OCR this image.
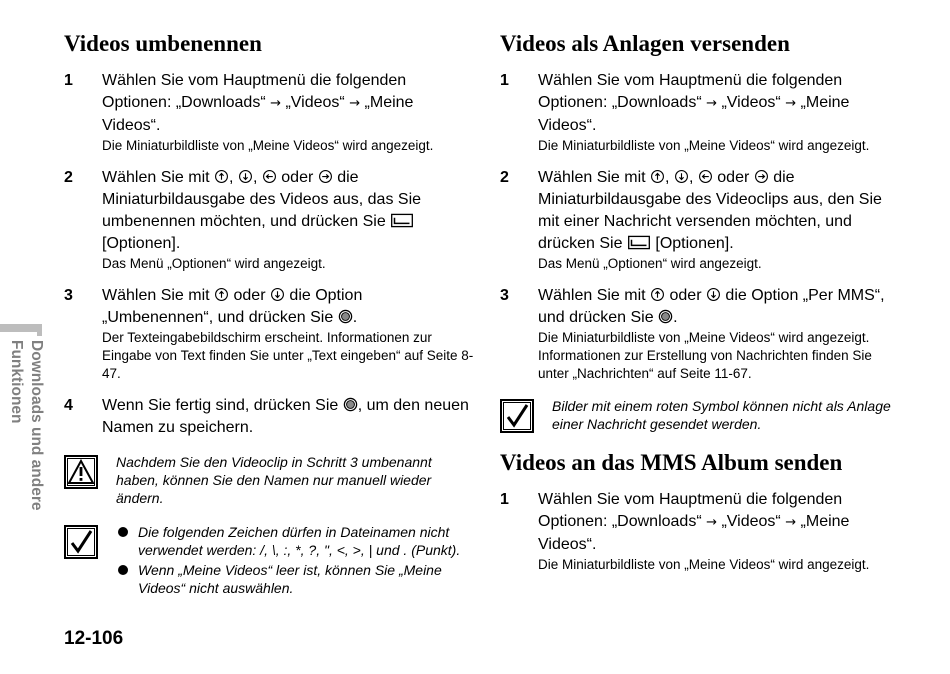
Downloads und andere
Funktionen
Videos umbenennen
1 Wählen Sie vom Hauptmenü die folgenden Optionen: „Downloads“ → „Videos“ → „Meine Videos“.
Die Miniaturbildliste von „Meine Videos“ wird angezeigt.
2 Wählen Sie mit , ,  oder  die Miniaturbildausgabe des Videos aus, das Sie umbenennen möchten, und drücken Sie  [Optionen].
Das Menü „Optionen“ wird angezeigt.
3 Wählen Sie mit  oder  die Option „Umbenennen“, und drücken Sie .
Der Texteingabebildschirm erscheint. Informationen zur Eingabe von Text finden Sie unter „Text eingeben“ auf Seite 8-47.
4 Wenn Sie fertig sind, drücken Sie , um den neuen Namen zu speichern.
Nachdem Sie den Videoclip in Schritt 3 umbenannt haben, können Sie den Namen nur manuell wieder ändern.
Die folgenden Zeichen dürfen in Dateinamen nicht verwendet werden: /, \, :, *, ?, ", <, >, | und . (Punkt).
Wenn „Meine Videos“ leer ist, können Sie „Meine Videos“ nicht auswählen.
Videos als Anlagen versenden
1 Wählen Sie vom Hauptmenü die folgenden Optionen: „Downloads“ → „Videos“ → „Meine Videos“.
Die Miniaturbildliste von „Meine Videos“ wird angezeigt.
2 Wählen Sie mit , ,  oder  die Miniaturbildausgabe des Videoclips aus, den Sie mit einer Nachricht versenden möchten, und drücken Sie  [Optionen].
Das Menü „Optionen“ wird angezeigt.
3 Wählen Sie mit  oder  die Option „Per MMS“, und drücken Sie .
Die Miniaturbildliste von „Meine Videos“ wird angezeigt.
Informationen zur Erstellung von Nachrichten finden Sie unter „Nachrichten“ auf Seite 11-67.
Bilder mit einem roten Symbol können nicht als Anlage einer Nachricht gesendet werden.
Videos an das MMS Album senden
1 Wählen Sie vom Hauptmenü die folgenden Optionen: „Downloads“ → „Videos“ → „Meine Videos“.
Die Miniaturbildliste von „Meine Videos“ wird angezeigt.
12-106
